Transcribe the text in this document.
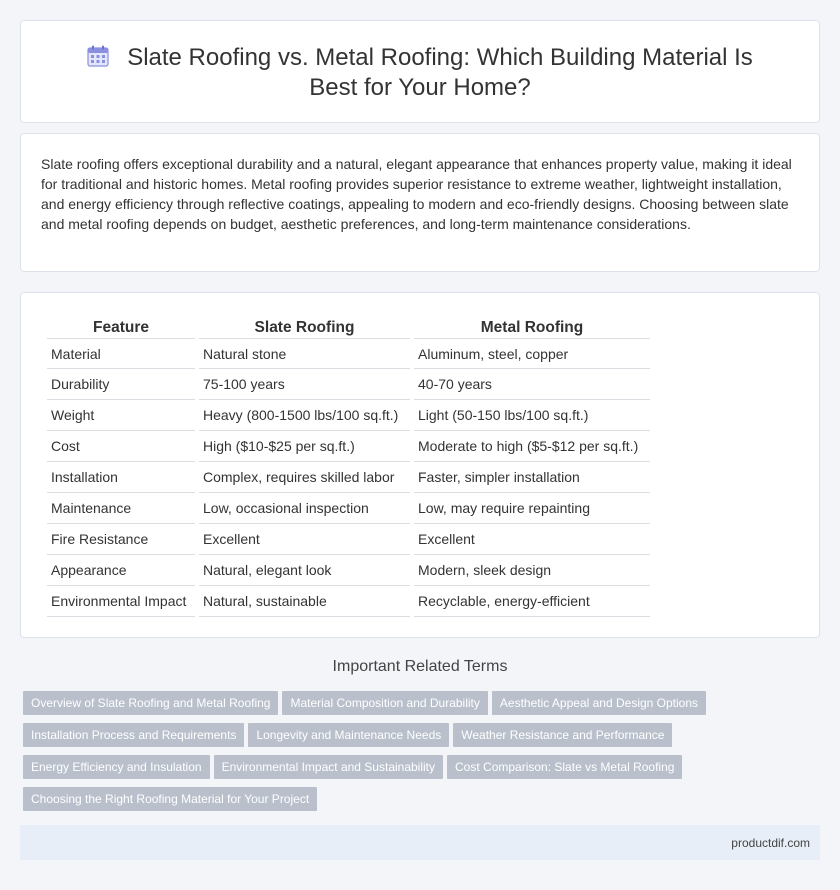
Slate Roofing vs. Metal Roofing: Which Building Material Is Best for Your Home?

Slate roofing offers exceptional durability and a natural, elegant appearance that enhances property value, making it ideal for traditional and historic homes. Metal roofing provides superior resistance to extreme weather, lightweight installation, and energy efficiency through reflective coatings, appealing to modern and eco-friendly designs. Choosing between slate and metal roofing depends on budget, aesthetic preferences, and long-term maintenance considerations.

Feature	Slate Roofing	Metal Roofing
Material	Natural stone	Aluminum, steel, copper
Durability	75-100 years	40-70 years
Weight	Heavy (800-1500 lbs/100 sq.ft.)	Light (50-150 lbs/100 sq.ft.)
Cost	High ($10-$25 per sq.ft.)	Moderate to high ($5-$12 per sq.ft.)
Installation	Complex, requires skilled labor	Faster, simpler installation
Maintenance	Low, occasional inspection	Low, may require repainting
Fire Resistance	Excellent	Excellent
Appearance	Natural, elegant look	Modern, sleek design
Environmental Impact	Natural, sustainable	Recyclable, energy-efficient
Important Related Terms
Overview of Slate Roofing and Metal Roofing Material Composition and Durability Aesthetic Appeal and Design OptionsInstallation Process and Requirements Longevity and Maintenance Needs Weather Resistance and PerformanceEnergy Efficiency and Insulation Environmental Impact and Sustainability Cost Comparison: Slate vs Metal RoofingChoosing the Right Roofing Material for Your Project
productdif.com
